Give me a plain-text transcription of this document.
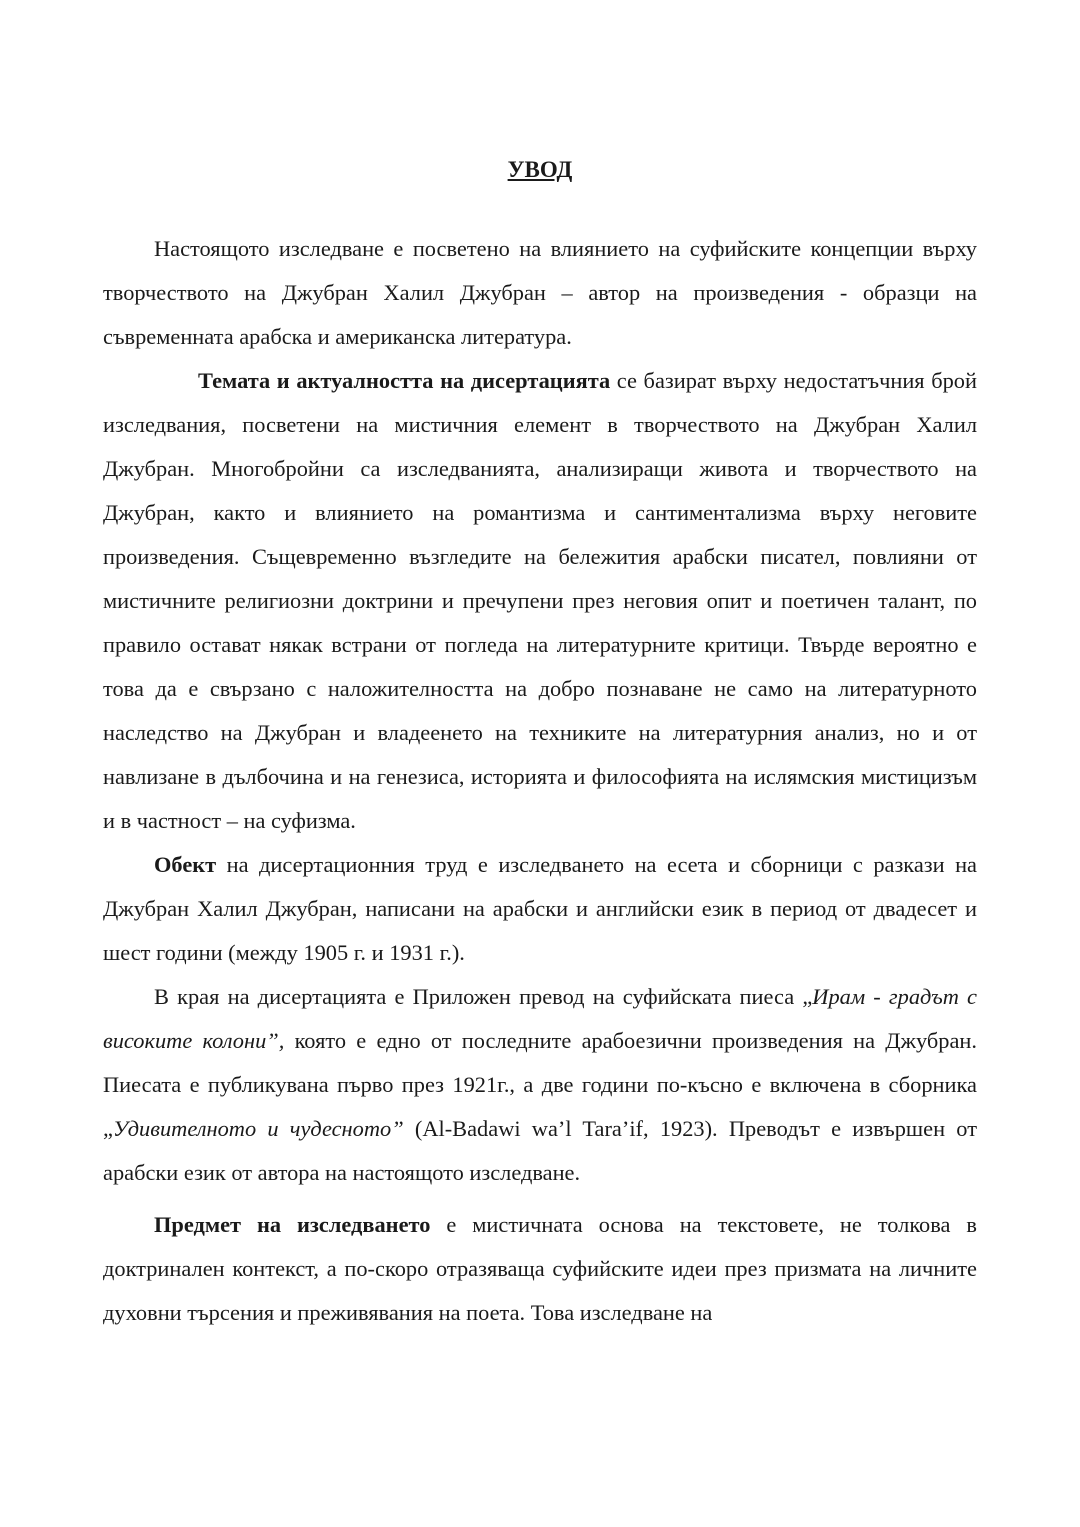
УВОД

Настоящото изследване е посветено на влиянието на суфийските концепции върху творчеството на Джубран Халил Джубран – автор на произведения - образци на съвременната арабска и американска литература.

Темата и актуалността на дисертацията се базират върху недостатъчния брой изследвания, посветени на мистичния елемент в творчеството на Джубран Халил Джубран. Многобройни са изследванията, анализиращи живота и творчеството на Джубран, както и влиянието на романтизма и сантиментализма върху неговите произведения. Същевременно възгледите на бележития арабски писател, повлияни от мистичните религиозни доктрини и пречупени през неговия опит и поетичен талант, по правило остават някак встрани от погледа на литературните критици. Твърде вероятно е това да е свързано с наложителността на добро познаване не само на литературното наследство на Джубран и владеенето на техниките на литературния анализ, но и от навлизане в дълбочина и на генезиса, историята и философията на ислямския мистицизъм и в частност – на суфизма.

Обект на дисертационния труд е изследването на есета и сборници с разкази на Джубран Халил Джубран, написани на арабски и английски език в период от двадесет и шест години (между 1905 г. и 1931 г.).

В края на дисертацията е Приложен превод на суфийската пиеса „Ирам - градът с високите колони”, която е едно от последните арабоезични произведения на Джубран. Пиесата е публикувана първо през 1921г., а две години по-късно е включена в сборника „Удивителното и чудесното” (Al-Badawi wa’l Tara’if, 1923). Преводът е извършен от арабски език от автора на настоящото изследване.

Предмет на изследването е мистичната основа на текстовете, не толкова в доктринален контекст, а по-скоро отразяваща суфийските идеи през призмата на личните духовни търсения и преживявания на поета. Това изследване на
